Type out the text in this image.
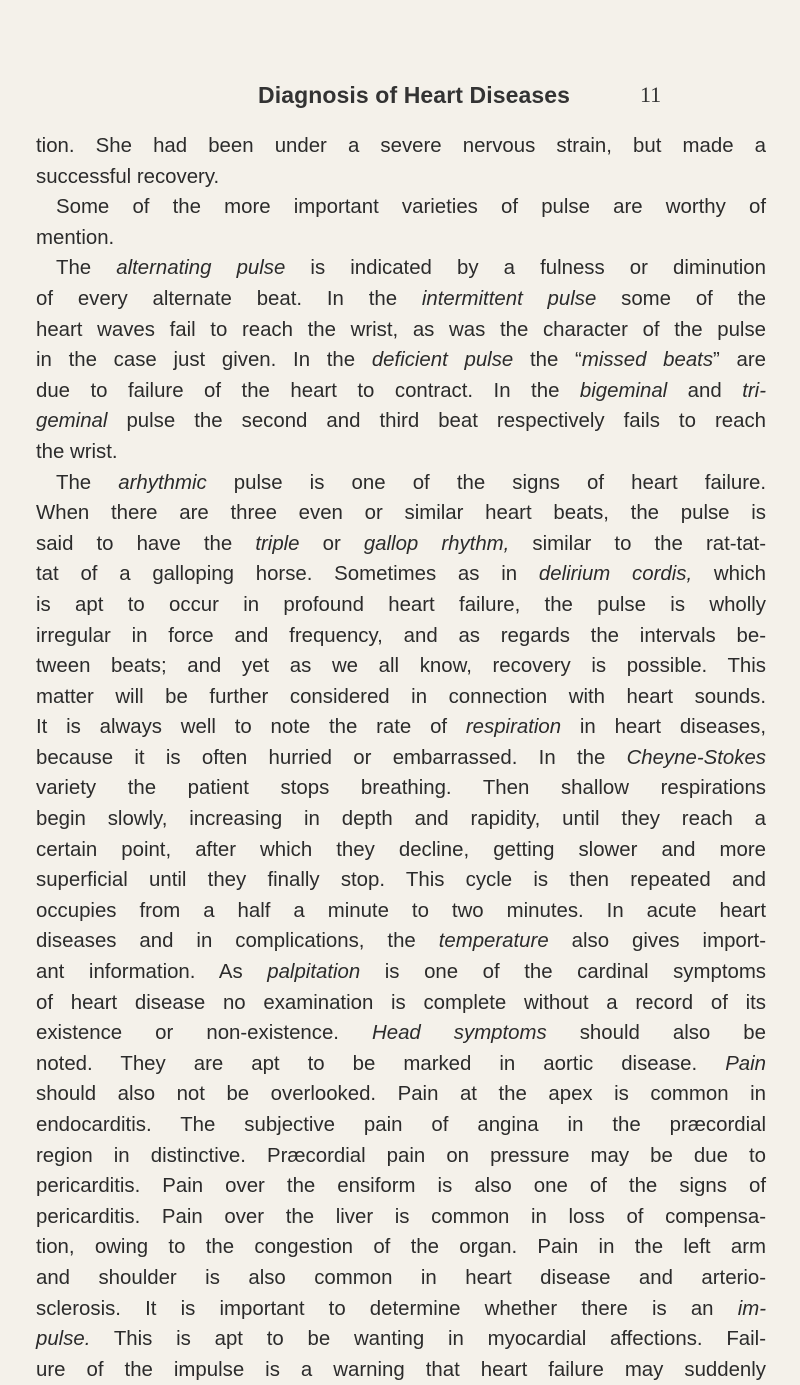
Diagnosis of Heart Diseases	11
tion. She had been under a severe nervous strain, but made a
successful recovery.
Some of the more important varieties of pulse are worthy of
mention.
The alternating pulse is indicated by a fulness or diminution
of every alternate beat. In the intermittent pulse some of the
heart waves fail to reach the wrist, as was the character of the pulse
in the case just given. In the deficient pulse the “missed beats” are
due to failure of the heart to contract. In the bigeminal and tri-
geminal pulse the second and third beat respectively fails to reach
the wrist.
The arhythmic pulse is one of the signs of heart failure.
When there are three even or similar heart beats, the pulse is
said to have the triple or gallop rhythm, similar to the rat-tat-
tat of a galloping horse. Sometimes as in delirium cordis, which
is apt to occur in profound heart failure, the pulse is wholly
irregular in force and frequency, and as regards the intervals be-
tween beats; and yet as we all know, recovery is possible. This
matter will be further considered in connection with heart sounds.
It is always well to note the rate of respiration in heart diseases,
because it is often hurried or embarrassed. In the Cheyne-Stokes
variety the patient stops breathing. Then shallow respirations
begin slowly, increasing in depth and rapidity, until they reach a
certain point, after which they decline, getting slower and more
superficial until they finally stop. This cycle is then repeated and
occupies from a half a minute to two minutes. In acute heart
diseases and in complications, the temperature also gives import-
ant information. As palpitation is one of the cardinal symptoms
of heart disease no examination is complete without a record of its
existence or non-existence. Head symptoms should also be
noted. They are apt to be marked in aortic disease. Pain
should also not be overlooked. Pain at the apex is common in
endocarditis. The subjective pain of angina in the præcordial
region in distinctive. Præcordial pain on pressure may be due to
pericarditis. Pain over the ensiform is also one of the signs of
pericarditis. Pain over the liver is common in loss of compensa-
tion, owing to the congestion of the organ. Pain in the left arm
and shoulder is also common in heart disease and arterio-
sclerosis. It is important to determine whether there is an im-
pulse. This is apt to be wanting in myocardial affections. Fail-
ure of the impulse is a warning that heart failure may suddenly
